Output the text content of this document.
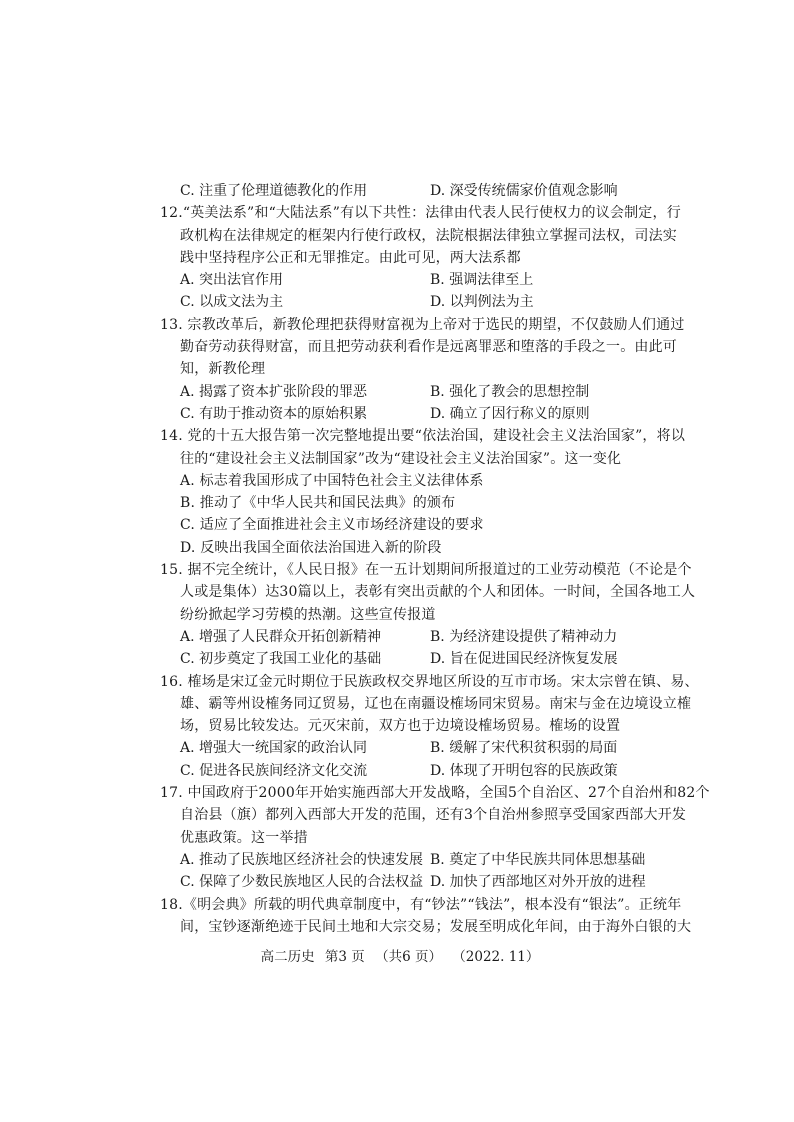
C. 注重了伦理道德教化的作用	D. 深受传统儒家价值观念影响
12.“英美法系”和“大陆法系”有以下共性：法律由代表人民行使权力的议会制定，行
政机构在法律规定的框架内行使行政权，法院根据法律独立掌握司法权，司法实
践中坚持程序公正和无罪推定。由此可见，两大法系都
A. 突出法官作用	B. 强调法律至上
C. 以成文法为主	D. 以判例法为主
13. 宗教改革后，新教伦理把获得财富视为上帝对于选民的期望，不仅鼓励人们通过
勤奋劳动获得财富，而且把劳动获利看作是远离罪恶和堕落的手段之一。由此可
知，新教伦理
A. 揭露了资本扩张阶段的罪恶	B. 强化了教会的思想控制
C. 有助于推动资本的原始积累	D. 确立了因行称义的原则
14. 党的十五大报告第一次完整地提出要“依法治国，建设社会主义法治国家”，将以
往的“建设社会主义法制国家”改为“建设社会主义法治国家”。这一变化
A. 标志着我国形成了中国特色社会主义法律体系
B. 推动了《中华人民共和国民法典》的颁布
C. 适应了全面推进社会主义市场经济建设的要求
D. 反映出我国全面依法治国进入新的阶段
15. 据不完全统计，《人民日报》在一五计划期间所报道过的工业劳动模范（不论是个
人或是集体）达30篇以上，表彰有突出贡献的个人和团体。一时间，全国各地工人
纷纷掀起学习劳模的热潮。这些宣传报道
A. 增强了人民群众开拓创新精神	B. 为经济建设提供了精神动力
C. 初步奠定了我国工业化的基础	D. 旨在促进国民经济恢复发展
16. 榷场是宋辽金元时期位于民族政权交界地区所设的互市市场。宋太宗曾在镇、易、
雄、霸等州设榷务同辽贸易，辽也在南疆设榷场同宋贸易。南宋与金在边境设立榷
场，贸易比较发达。元灭宋前，双方也于边境设榷场贸易。榷场的设置
A. 增强大一统国家的政治认同	B. 缓解了宋代积贫积弱的局面
C. 促进各民族间经济文化交流	D. 体现了开明包容的民族政策
17. 中国政府于2000年开始实施西部大开发战略，全国5个自治区、27个自治州和82个
自治县（旗）都列入西部大开发的范围，还有3个自治州参照享受国家西部大开发
优惠政策。这一举措
A. 推动了民族地区经济社会的快速发展 B. 奠定了中华民族共同体思想基础
C. 保障了少数民族地区人民的合法权益 D. 加快了西部地区对外开放的进程
18.《明会典》所载的明代典章制度中，有“钞法”“钱法”，根本没有“银法”。正统年
间，宝钞逐渐绝迹于民间土地和大宗交易；发展至明成化年间，由于海外白银的大
高二历史 第3 页 （共6 页） （2022. 11）
